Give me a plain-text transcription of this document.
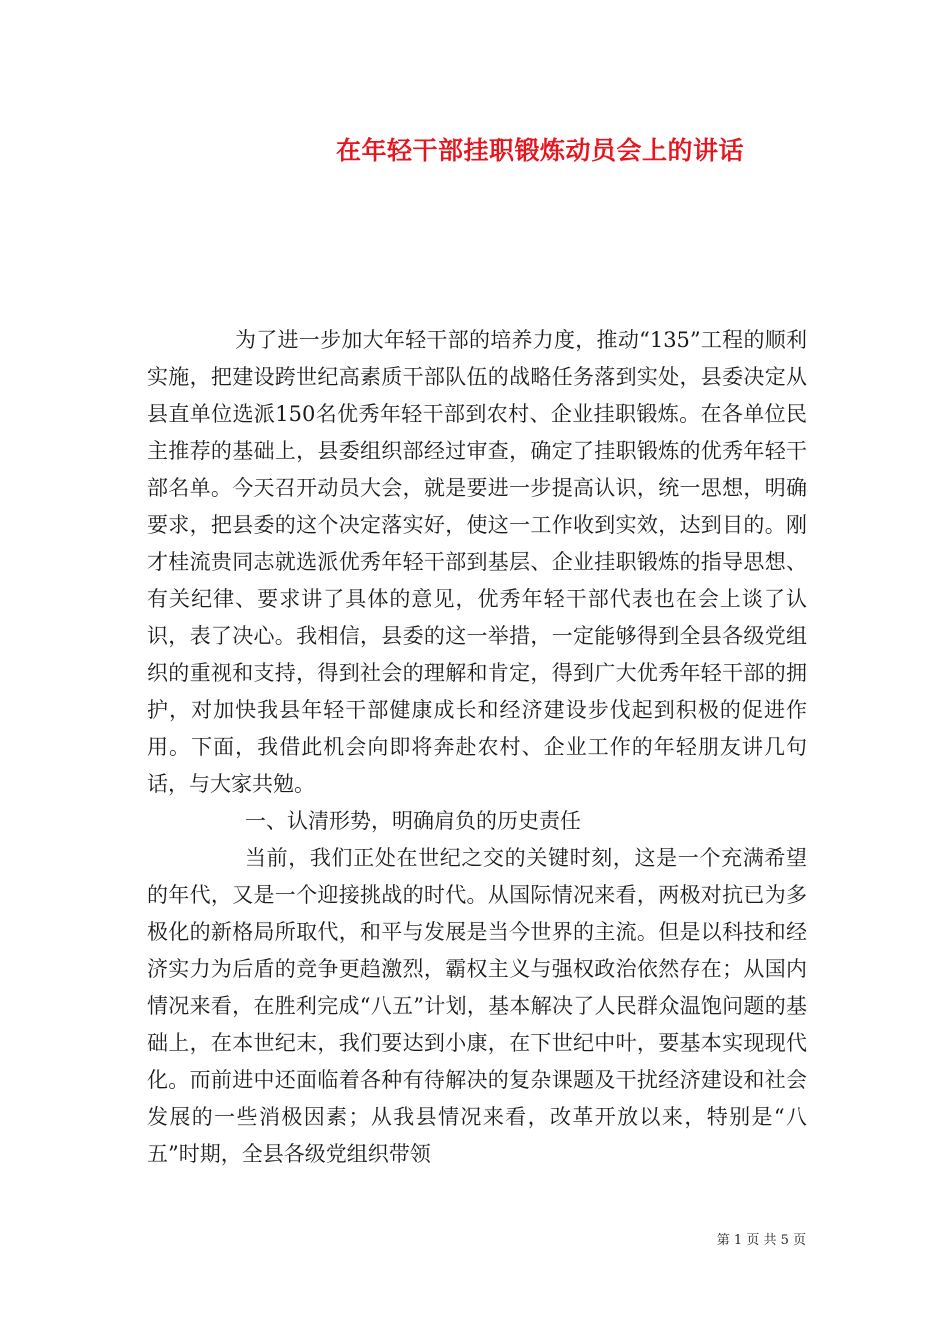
在年轻干部挂职锻炼动员会上的讲话

为了进一步加大年轻干部的培养力度，推动“135”工程的顺利实施，把建设跨世纪高素质干部队伍的战略任务落到实处，县委决定从县直单位选派150名优秀年轻干部到农村、企业挂职锻炼。在各单位民主推荐的基础上，县委组织部经过审查，确定了挂职锻炼的优秀年轻干部名单。今天召开动员大会，就是要进一步提高认识，统一思想，明确要求，把县委的这个决定落实好，使这一工作收到实效，达到目的。刚才桂流贵同志就选派优秀年轻干部到基层、企业挂职锻炼的指导思想、有关纪律、要求讲了具体的意见，优秀年轻干部代表也在会上谈了认识，表了决心。我相信，县委的这一举措，一定能够得到全县各级党组织的重视和支持，得到社会的理解和肯定，得到广大优秀年轻干部的拥护，对加快我县年轻干部健康成长和经济建设步伐起到积极的促进作用。下面，我借此机会向即将奔赴农村、企业工作的年轻朋友讲几句话，与大家共勉。

一、认清形势，明确肩负的历史责任

当前，我们正处在世纪之交的关键时刻，这是一个充满希望的年代，又是一个迎接挑战的时代。从国际情况来看，两极对抗已为多极化的新格局所取代，和平与发展是当今世界的主流。但是以科技和经济实力为后盾的竞争更趋激烈，霸权主义与强权政治依然存在；从国内情况来看，在胜利完成“八五”计划，基本解决了人民群众温饱问题的基础上，在本世纪末，我们要达到小康，在下世纪中叶，要基本实现现代化。而前进中还面临着各种有待解决的复杂课题及干扰经济建设和社会发展的一些消极因素；从我县情况来看，改革开放以来，特别是“八五”时期，全县各级党组织带领

第 1 页 共 5 页
